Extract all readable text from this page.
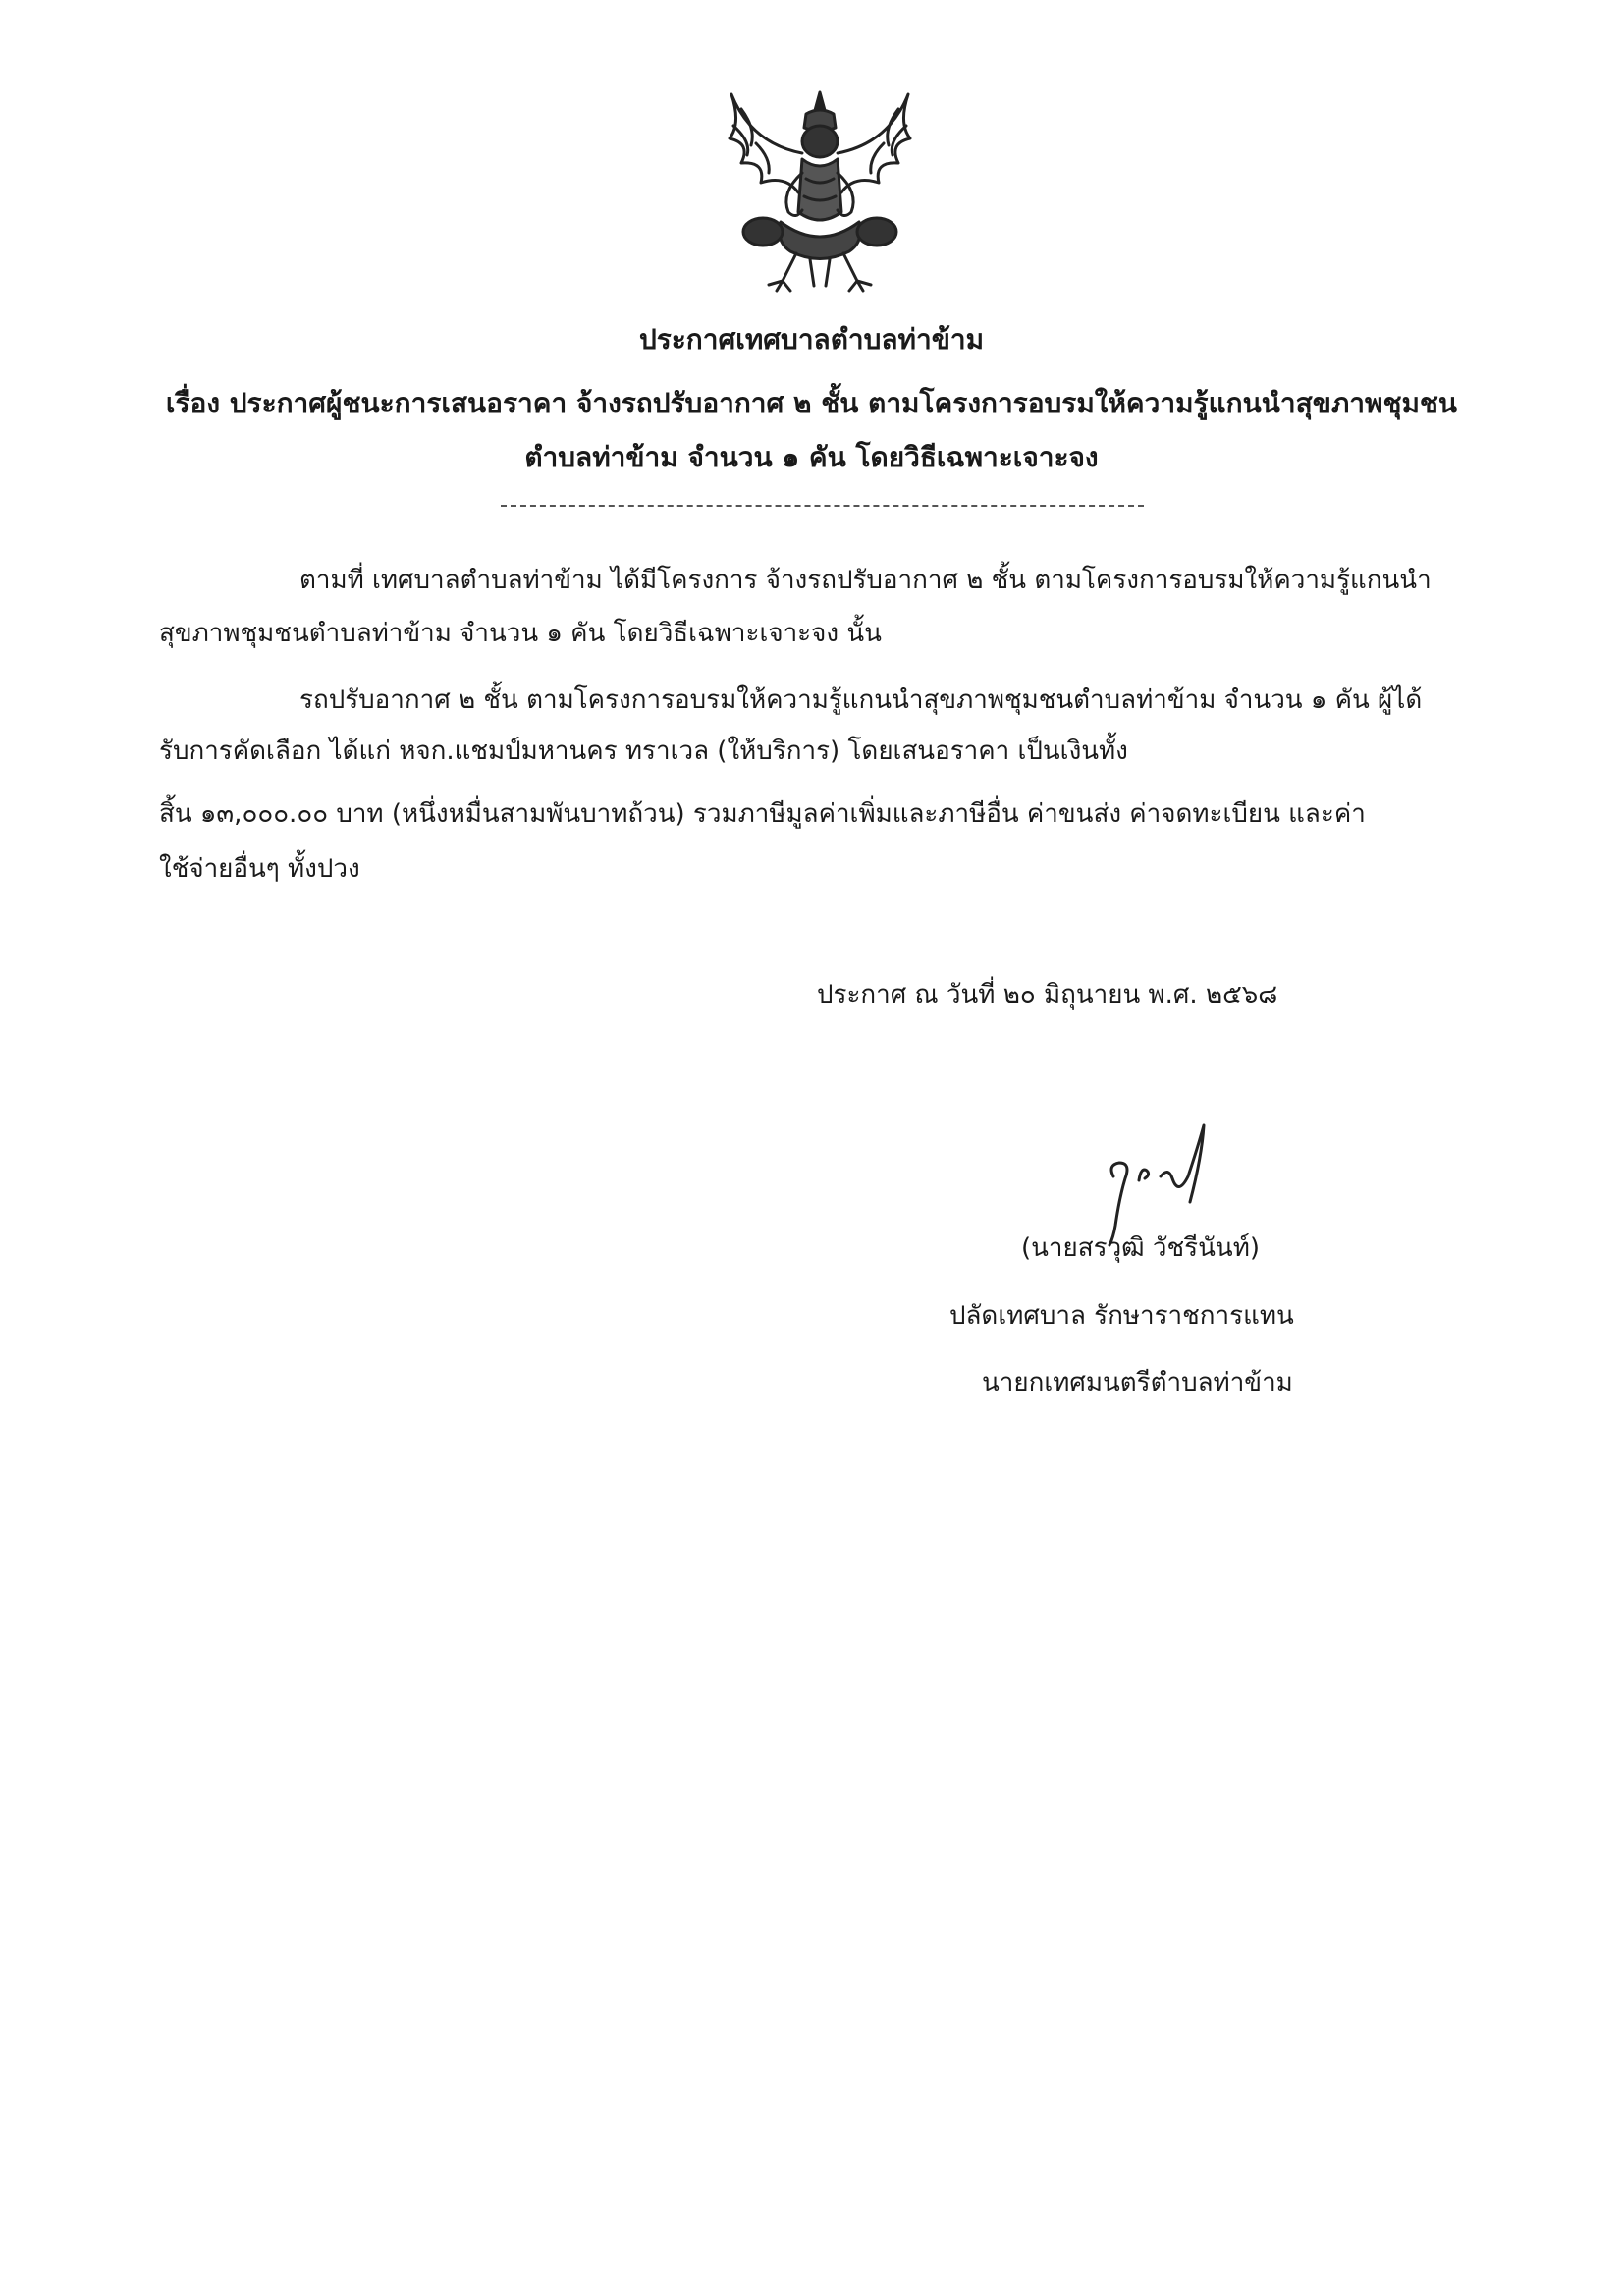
ประกาศเทศบาลตำบลท่าข้าม
เรื่อง ประกาศผู้ชนะการเสนอราคา จ้างรถปรับอากาศ ๒ ชั้น ตามโครงการอบรมให้ความรู้แกนนำสุขภาพชุมชน
ตำบลท่าข้าม จำนวน ๑ คัน โดยวิธีเฉพาะเจาะจง
ตามที่ เทศบาลตำบลท่าข้าม ได้มีโครงการ จ้างรถปรับอากาศ ๒ ชั้น ตามโครงการอบรมให้ความรู้แกนนำ
สุขภาพชุมชนตำบลท่าข้าม จำนวน ๑ คัน โดยวิธีเฉพาะเจาะจง นั้น
รถปรับอากาศ ๒ ชั้น ตามโครงการอบรมให้ความรู้แกนนำสุขภาพชุมชนตำบลท่าข้าม จำนวน ๑ คัน ผู้ได้
รับการคัดเลือก ได้แก่ หจก.แชมป์มหานคร ทราเวล (ให้บริการ) โดยเสนอราคา เป็นเงินทั้ง
สิ้น ๑๓,๐๐๐.๐๐ บาท (หนึ่งหมื่นสามพันบาทถ้วน) รวมภาษีมูลค่าเพิ่มและภาษีอื่น ค่าขนส่ง ค่าจดทะเบียน และค่า
ใช้จ่ายอื่นๆ ทั้งปวง
ประกาศ ณ วันที่ ๒๐ มิถุนายน พ.ศ. ๒๕๖๘
(นายสรวุฒิ วัชรีนันท์)
ปลัดเทศบาล รักษาราชการแทน
นายกเทศมนตรีตำบลท่าข้าม
